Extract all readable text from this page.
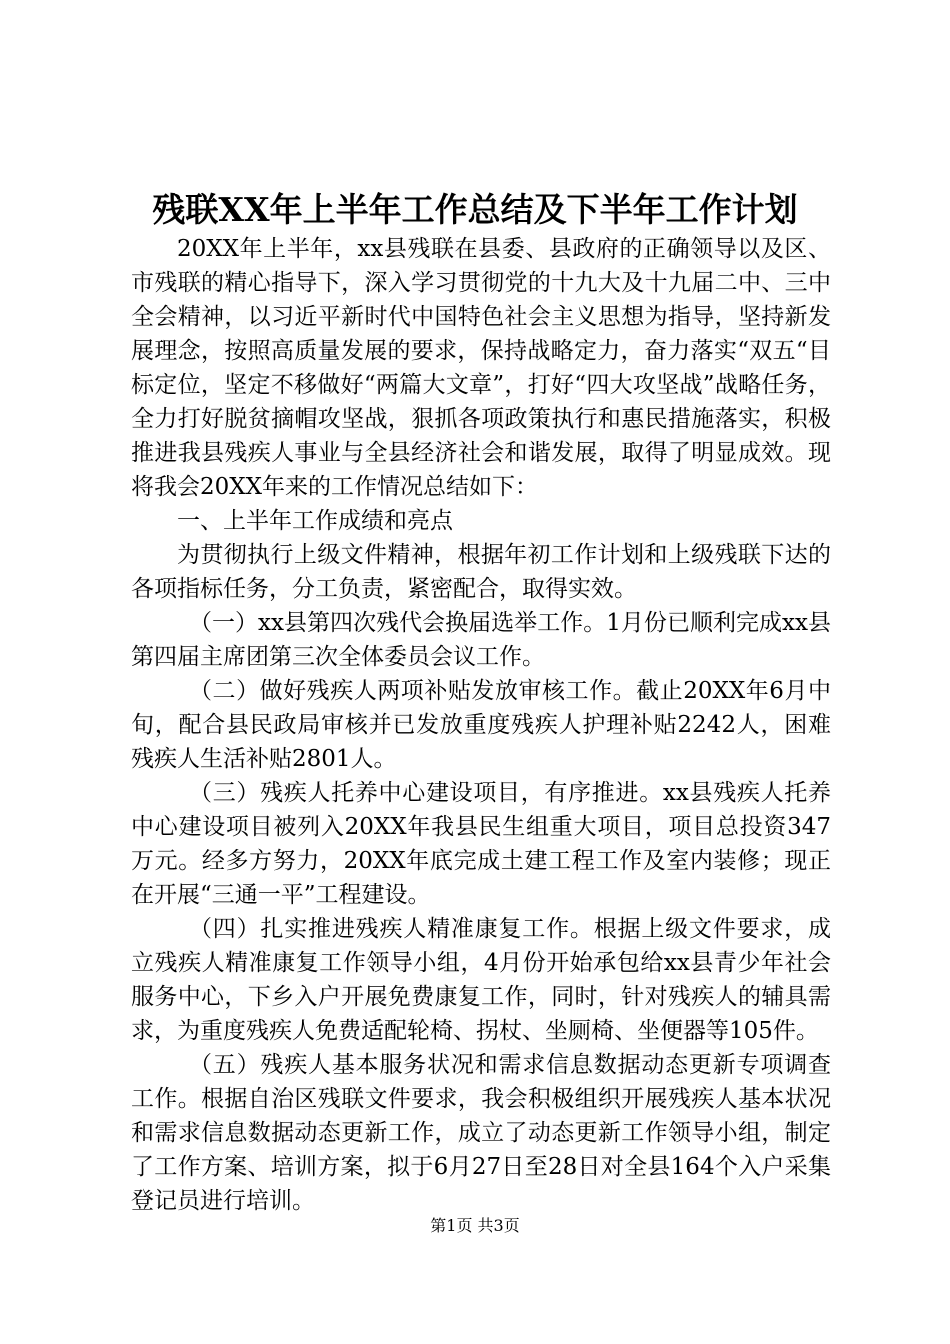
残联XX年上半年工作总结及下半年工作计划

20XX年上半年，xx县残联在县委、县政府的正确领导以及区、市残联的精心指导下，深入学习贯彻党的十九大及十九届二中、三中全会精神，以习近平新时代中国特色社会主义思想为指导，坚持新发展理念，按照高质量发展的要求，保持战略定力，奋力落实“双五“目标定位，坚定不移做好“两篇大文章”，打好“四大攻坚战”战略任务，全力打好脱贫摘帽攻坚战，狠抓各项政策执行和惠民措施落实，积极推进我县残疾人事业与全县经济社会和谐发展，取得了明显成效。现将我会20XX年来的工作情况总结如下：

一、上半年工作成绩和亮点

为贯彻执行上级文件精神，根据年初工作计划和上级残联下达的各项指标任务，分工负责，紧密配合，取得实效。

（一）xx县第四次残代会换届选举工作。1月份已顺利完成xx县第四届主席团第三次全体委员会议工作。

（二）做好残疾人两项补贴发放审核工作。截止20XX年6月中旬，配合县民政局审核并已发放重度残疾人护理补贴2242人，困难残疾人生活补贴2801人。

（三）残疾人托养中心建设项目，有序推进。xx县残疾人托养中心建设项目被列入20XX年我县民生组重大项目，项目总投资347万元。经多方努力，20XX年底完成土建工程工作及室内装修；现正在开展“三通一平”工程建设。

（四）扎实推进残疾人精准康复工作。根据上级文件要求，成立残疾人精准康复工作领导小组，4月份开始承包给xx县青少年社会服务中心，下乡入户开展免费康复工作，同时，针对残疾人的辅具需求，为重度残疾人免费适配轮椅、拐杖、坐厕椅、坐便器等105件。

（五）残疾人基本服务状况和需求信息数据动态更新专项调查工作。根据自治区残联文件要求，我会积极组织开展残疾人基本状况和需求信息数据动态更新工作，成立了动态更新工作领导小组，制定了工作方案、培训方案，拟于6月27日至28日对全县164个入户采集登记员进行培训。

第1页 共3页
